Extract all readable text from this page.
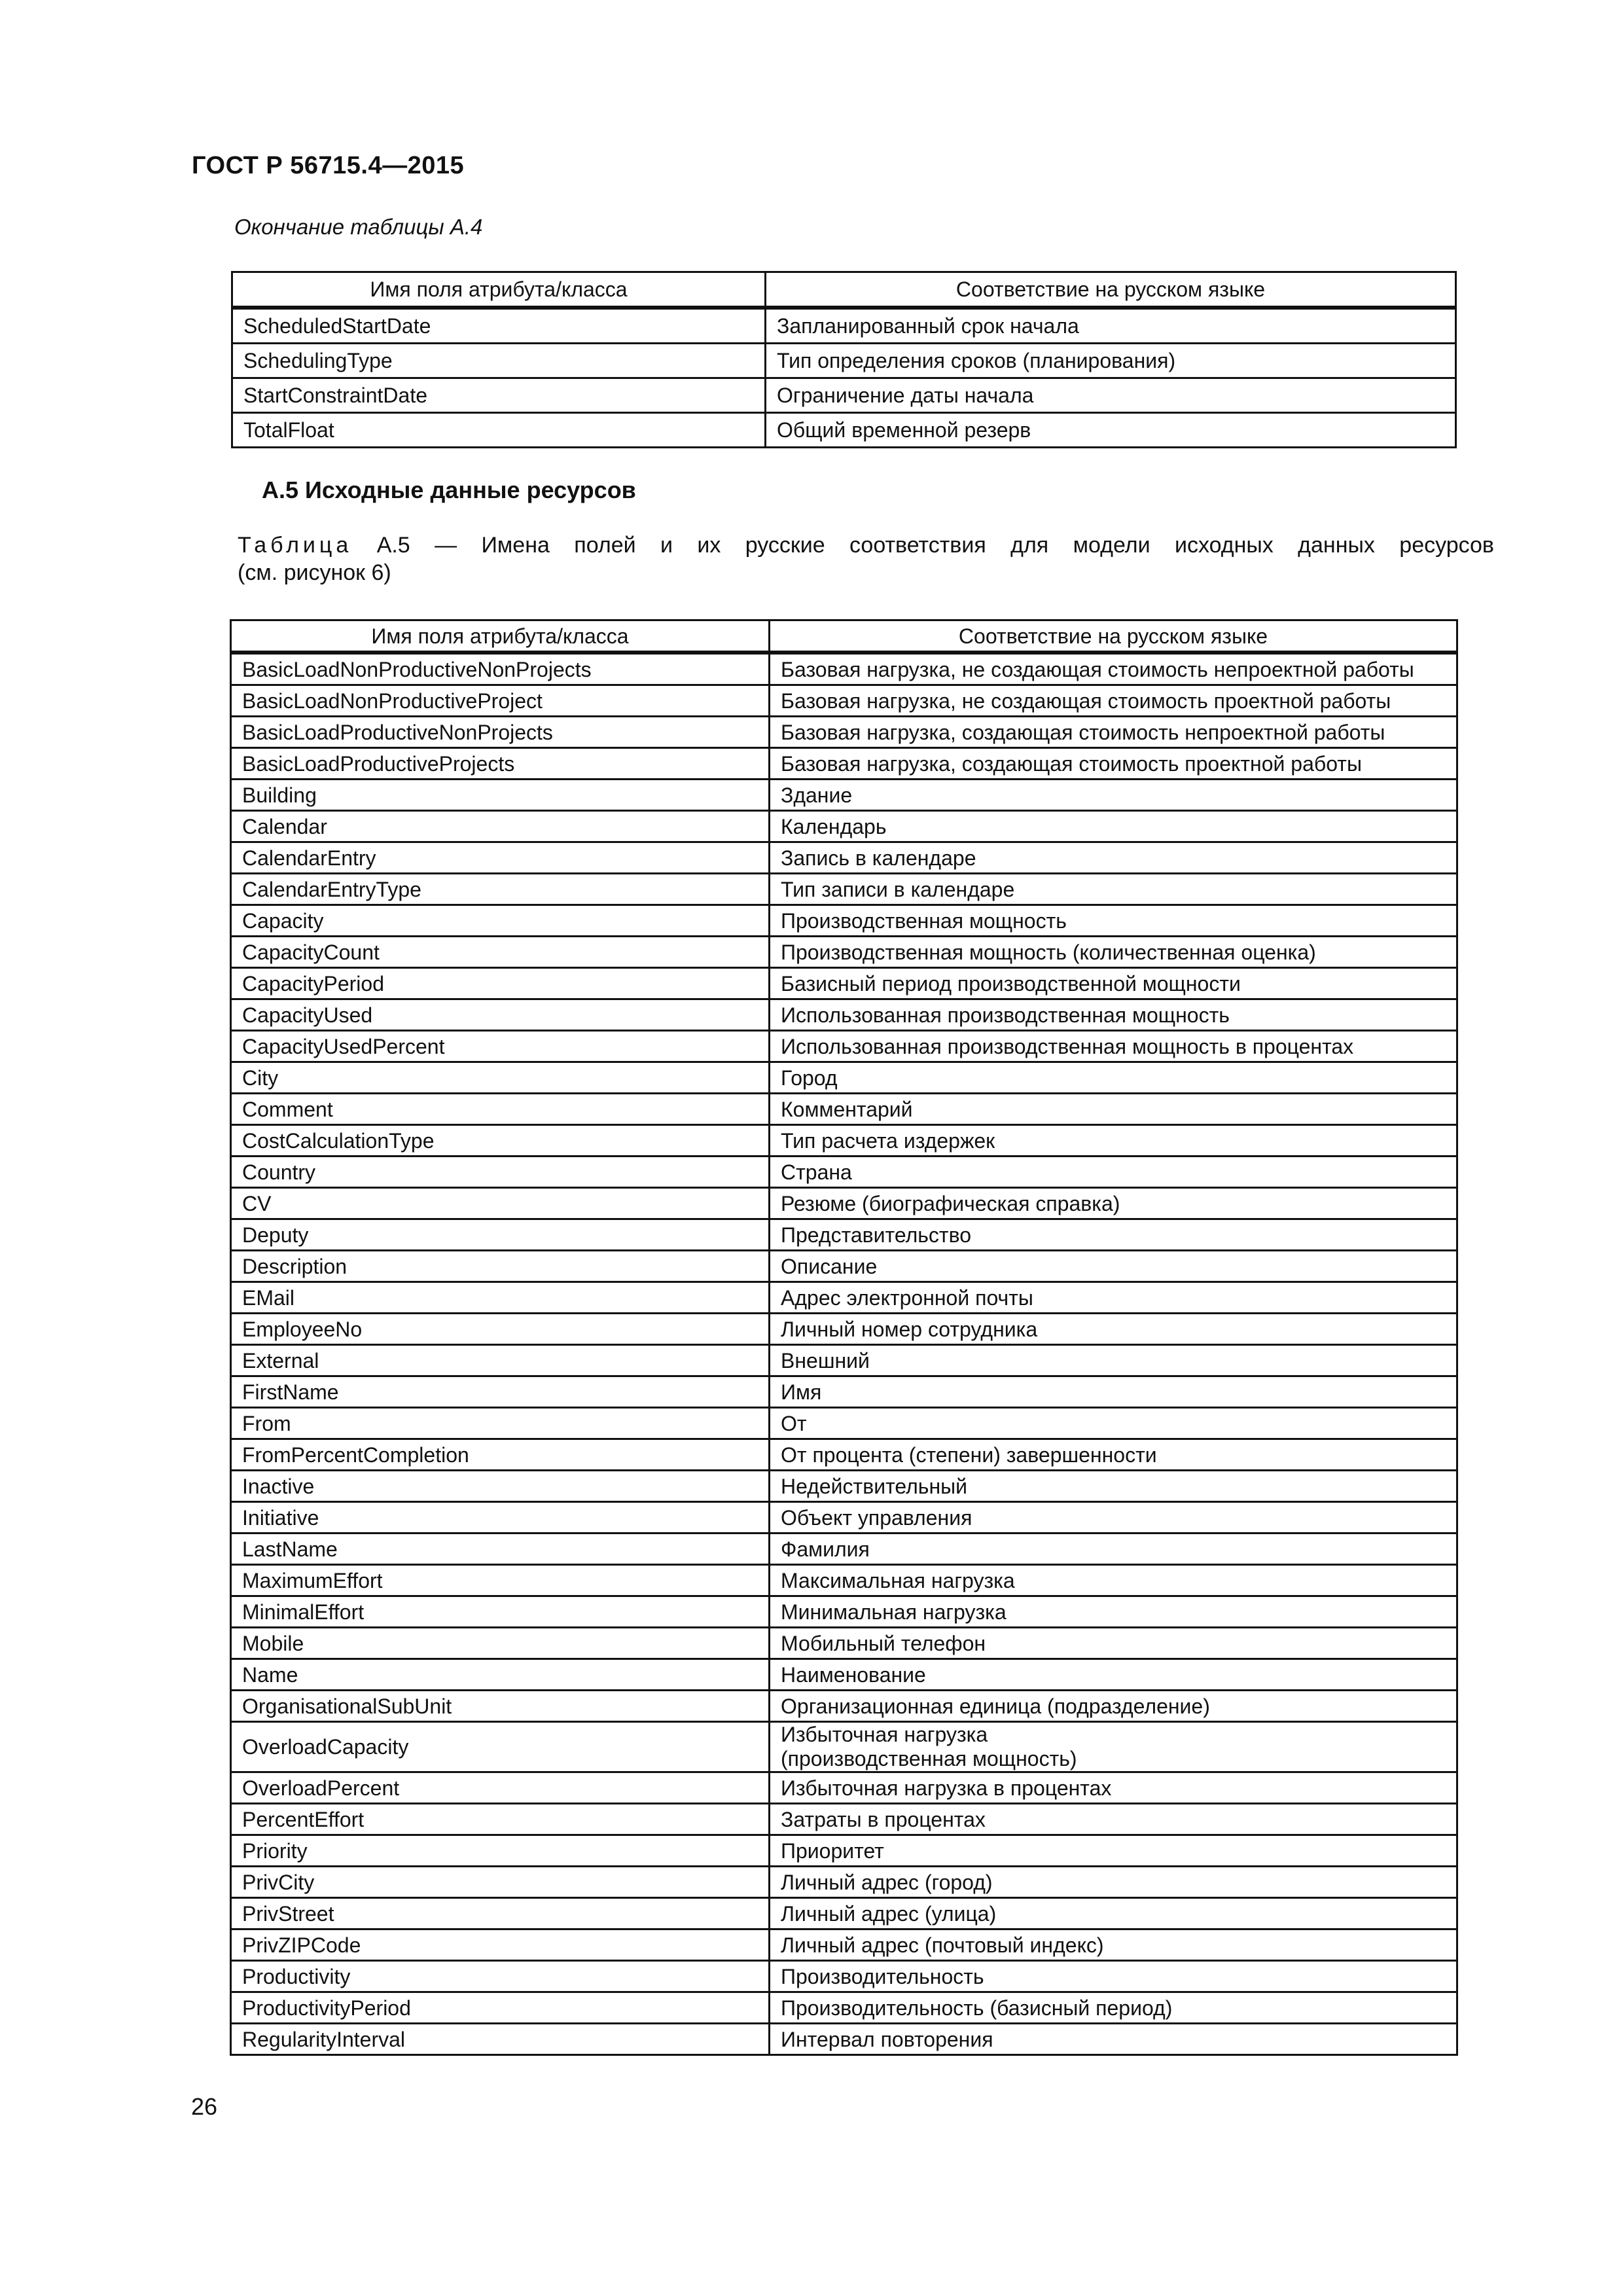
ГОСТ Р 56715.4—2015
Окончание таблицы А.4
Имя поля атрибута/класса	Соответствие на русском языке
ScheduledStartDate	Запланированный срок начала
SchedulingType	Тип определения сроков (планирования)
StartConstraintDate	Ограничение даты начала
TotalFloat	Общий временной резерв
А.5 Исходные данные ресурсов
Таблица А.5 — Имена полей и их русские соответствия для модели исходных данных ресурсов
(см. рисунок 6)
Имя поля атрибута/класса	Соответствие на русском языке
BasicLoadNonProductiveNonProjects	Базовая нагрузка, не создающая стоимость непроектной работы
BasicLoadNonProductiveProject	Базовая нагрузка, не создающая стоимость проектной работы
BasicLoadProductiveNonProjects	Базовая нагрузка, создающая стоимость непроектной работы
BasicLoadProductiveProjects	Базовая нагрузка, создающая стоимость проектной работы
Building	Здание
Calendar	Календарь
CalendarEntry	Запись в календаре
CalendarEntryType	Тип записи в календаре
Capacity	Производственная мощность
CapacityCount	Производственная мощность (количественная оценка)
CapacityPeriod	Базисный период производственной мощности
CapacityUsed	Использованная производственная мощность
CapacityUsedPercent	Использованная производственная мощность в процентах
City	Город
Comment	Комментарий
CostCalculationType	Тип расчета издержек
Country	Страна
CV	Резюме (биографическая справка)
Deputy	Представительство
Description	Описание
EMail	Адрес электронной почты
EmployeeNo	Личный номер сотрудника
External	Внешний
FirstName	Имя
From	От
FromPercentCompletion	От процента (степени) завершенности
Inactive	Недействительный
Initiative	Объект управления
LastName	Фамилия
MaximumEffort	Максимальная нагрузка
MinimalEffort	Минимальная нагрузка
Mobile	Мобильный телефон
Name	Наименование
OrganisationalSubUnit	Организационная единица (подразделение)
OverloadCapacity	Избыточная нагрузка
(производственная мощность)
OverloadPercent	Избыточная нагрузка в процентах
PercentEffort	Затраты в процентах
Priority	Приоритет
PrivCity	Личный адрес (город)
PrivStreet	Личный адрес (улица)
PrivZIPCode	Личный адрес (почтовый индекс)
Productivity	Производительность
ProductivityPeriod	Производительность (базисный период)
RegularityInterval	Интервал повторения
26
